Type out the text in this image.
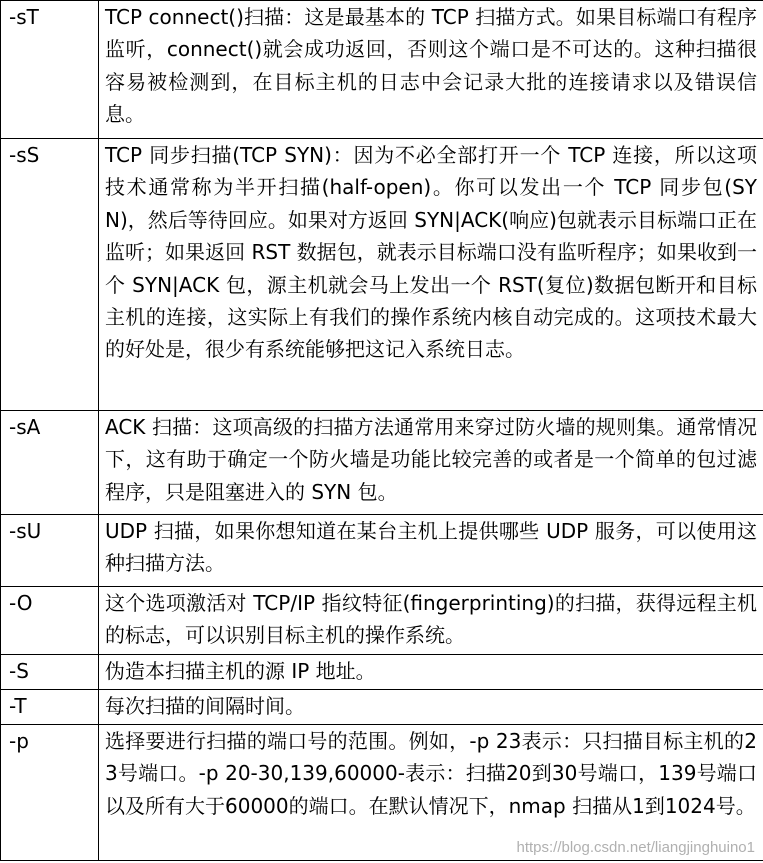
-sT	TCP connect()扫描：这是最基本的 TCP 扫描方式。如果目标端口有程序监听，connect()就会成功返回，否则这个端口是不可达的。这种扫描很容易被检测到，在目标主机的日志中会记录大批的连接请求以及错误信息。
-sS	TCP 同步扫描(TCP SYN)：因为不必全部打开一个 TCP 连接，所以这项技术通常称为半开扫描(half-open)。你可以发出一个 TCP 同步包(SYN)，然后等待回应。如果对方返回 SYN|ACK(响应)包就表示目标端口正在监听；如果返回 RST 数据包，就表示目标端口没有监听程序；如果收到一个 SYN|ACK 包，源主机就会马上发出一个 RST(复位)数据包断开和目标主机的连接，这实际上有我们的操作系统内核自动完成的。这项技术最大的好处是，很少有系统能够把这记入系统日志。
-sA	ACK 扫描：这项高级的扫描方法通常用来穿过防火墙的规则集。通常情况下，这有助于确定一个防火墙是功能比较完善的或者是一个简单的包过滤程序，只是阻塞进入的 SYN 包。
-sU	UDP 扫描，如果你想知道在某台主机上提供哪些 UDP 服务，可以使用这种扫描方法。
-O	这个选项激活对 TCP/IP 指纹特征(fingerprinting)的扫描，获得远程主机的标志，可以识别目标主机的操作系统。
-S	伪造本扫描主机的源 IP 地址。
-T	每次扫描的间隔时间。
-p	选择要进行扫描的端口号的范围。例如，-p 23表示：只扫描目标主机的23号端口。-p 20-30,139,60000-表示：扫描20到30号端口，139号端口以及所有大于60000的端口。在默认情况下，nmap 扫描从1到1024号。
https://blog.csdn.net/liangjinghuino1
